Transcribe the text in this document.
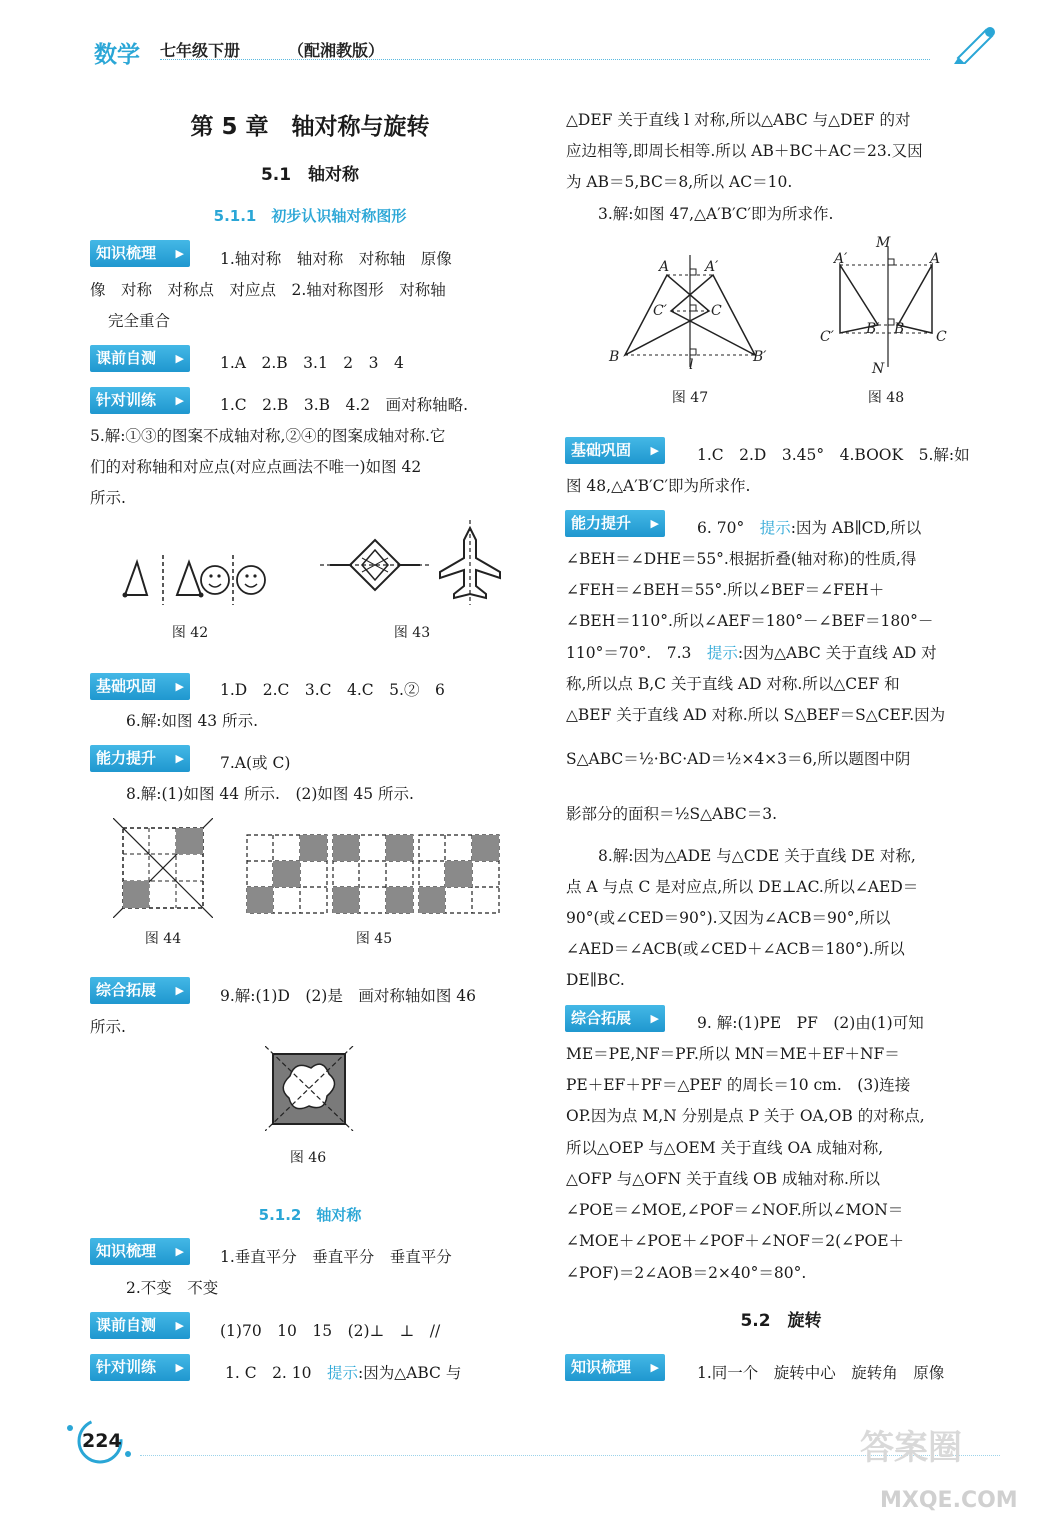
数学 七年级下册	（配湘教版）
第 5 章　轴对称与旋转
5.1　轴对称
5.1.1　初步认识轴对称图形
知识梳理 ▶ 1.轴对称　轴对称　对称轴　原像
像　对称　对称点　对应点　2.轴对称图形　对称轴
完全重合
课前自测 ▶ 1.A　2.B　3.1　2　3　4
针对训练 ▶ 1.C　2.B　3.B　4.2　画对称轴略.
5.解:①③的图案不成轴对称,②④的图案成轴对称.它
们的对称轴和对应点(对应点画法不唯一)如图 42
所示.
图 42	图 43
基础巩固 ▶ 1.D　2.C　3.C　4.C　5.②　6
6.解:如图 43 所示.
能力提升 ▶ 7.A(或 C)
8.解:(1)如图 44 所示.　(2)如图 45 所示.
图 44	图 45
综合拓展 ▶ 9.解:(1)D　(2)是　画对称轴如图 46
所示.
图 46
5.1.2　轴对称
知识梳理 ▶ 1.垂直平分　垂直平分　垂直平分
2.不变　不变
课前自测 ▶ (1)70　10　15　(2)⊥　⊥　//
针对训练 ▶	1. C　2. 10　提示:因为△ABC 与
△DEF 关于直线 l 对称,所以△ABC 与△DEF 的对
应边相等,即周长相等.所以 AB＋BC＋AC＝23.又因
为 AB＝5,BC＝8,所以 AC＝10.
3.解:如图 47,△A′B′C′即为所求作.
A	A′
C′	C
B	B′
l
图 47
M
N
A′	A
C′	C
B′ B
图 48
基础巩固 ▶ 1.C　2.D　3.45°　4.BOOK　5.解:如
图 48,△A′B′C′即为所求作.
能力提升 ▶ 6. 70°　提示:因为 AB∥CD,所以
∠BEH＝∠DHE＝55°.根据折叠(轴对称)的性质,得
∠FEH＝∠BEH＝55°.所以∠BEF＝∠FEH＋
∠BEH＝110°.所以∠AEF＝180°－∠BEF＝180°－
110°＝70°.　7.3　提示:因为△ABC 关于直线 AD 对
称,所以点 B,C 关于直线 AD 对称.所以△CEF 和
△BEF 关于直线 AD 对称.所以 S△BEF＝S△CEF.因为
S△ABC＝½·BC·AD＝½×4×3＝6,所以题图中阴
影部分的面积＝½S△ABC＝3.
8.解:因为△ADE 与△CDE 关于直线 DE 对称,
点 A 与点 C 是对应点,所以 DE⊥AC.所以∠AED＝
90°(或∠CED＝90°).又因为∠ACB＝90°,所以
∠AED＝∠ACB(或∠CED＋∠ACB＝180°).所以
DE∥BC.
综合拓展 ▶ 9. 解:(1)PE　PF　(2)由(1)可知
ME＝PE,NF＝PF.所以 MN＝ME＋EF＋NF＝
PE＋EF＋PF＝△PEF 的周长＝10 cm.　(3)连接
OP.因为点 M,N 分别是点 P 关于 OA,OB 的对称点,
所以△OEP 与△OEM 关于直线 OA 成轴对称,
△OFP 与△OFN 关于直线 OB 成轴对称.所以
∠POE＝∠MOE,∠POF＝∠NOF.所以∠MON＝
∠MOE＋∠POE＋∠POF＋∠NOF＝2(∠POE＋
∠POF)＝2∠AOB＝2×40°＝80°.
5.2　旋转
知识梳理 ▶ 1.同一个　旋转中心　旋转角　原像
224	答案圈
MXQE.COM
